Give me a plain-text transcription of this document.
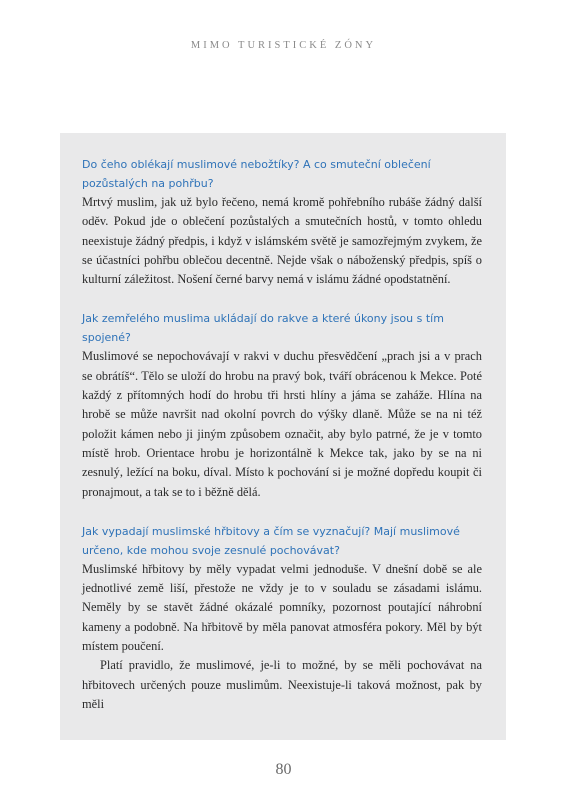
MIMO TURISTICKÉ ZÓNY

Do čeho oblékají muslimové nebožtíky? A co smuteční oblečení pozůstalých na pohřbu?

Mrtvý muslim, jak už bylo řečeno, nemá kromě pohřebního rubáše žádný další oděv. Pokud jde o oblečení pozůstalých a smutečních hostů, v tomto ohledu neexistuje žádný předpis, i když v islámském světě je samozřejmým zvykem, že se účastníci pohřbu oblečou decentně. Nejde však o náboženský předpis, spíš o kulturní záležitost. Nošení černé barvy nemá v islámu žádné opodstatnění.

Jak zemřelého muslima ukládají do rakve a které úkony jsou s tím spojené?

Muslimové se nepochovávají v rakvi v duchu přesvědčení „prach jsi a v prach se obrátíš“. Tělo se uloží do hrobu na pravý bok, tváří obrácenou k Mekce. Poté každý z přítomných hodí do hrobu tři hrsti hlíny a jáma se zaháže. Hlína na hrobě se může navršit nad okolní povrch do výšky dlaně. Může se na ni též položit kámen nebo ji jiným způsobem označit, aby bylo patrné, že je v tomto místě hrob. Orientace hrobu je horizontálně k Mekce tak, jako by se na ni zesnulý, ležící na boku, díval. Místo k pochování si je možné dopředu koupit či pronajmout, a tak se to i běžně dělá.

Jak vypadají muslimské hřbitovy a čím se vyznačují? Mají muslimové určeno, kde mohou svoje zesnulé pochovávat?

Muslimské hřbitovy by měly vypadat velmi jednoduše. V dnešní době se ale jednotlivé země liší, přestože ne vždy je to v souladu se zásadami islámu. Neměly by se stavět žádné okázalé pomníky, pozornost poutající náhrobní kameny a podobně. Na hřbitově by měla panovat atmosféra pokory. Měl by být místem poučení.

Platí pravidlo, že muslimové, je-li to možné, by se měli pochovávat na hřbitovech určených pouze muslimům. Neexistuje-li taková možnost, pak by měli

80
